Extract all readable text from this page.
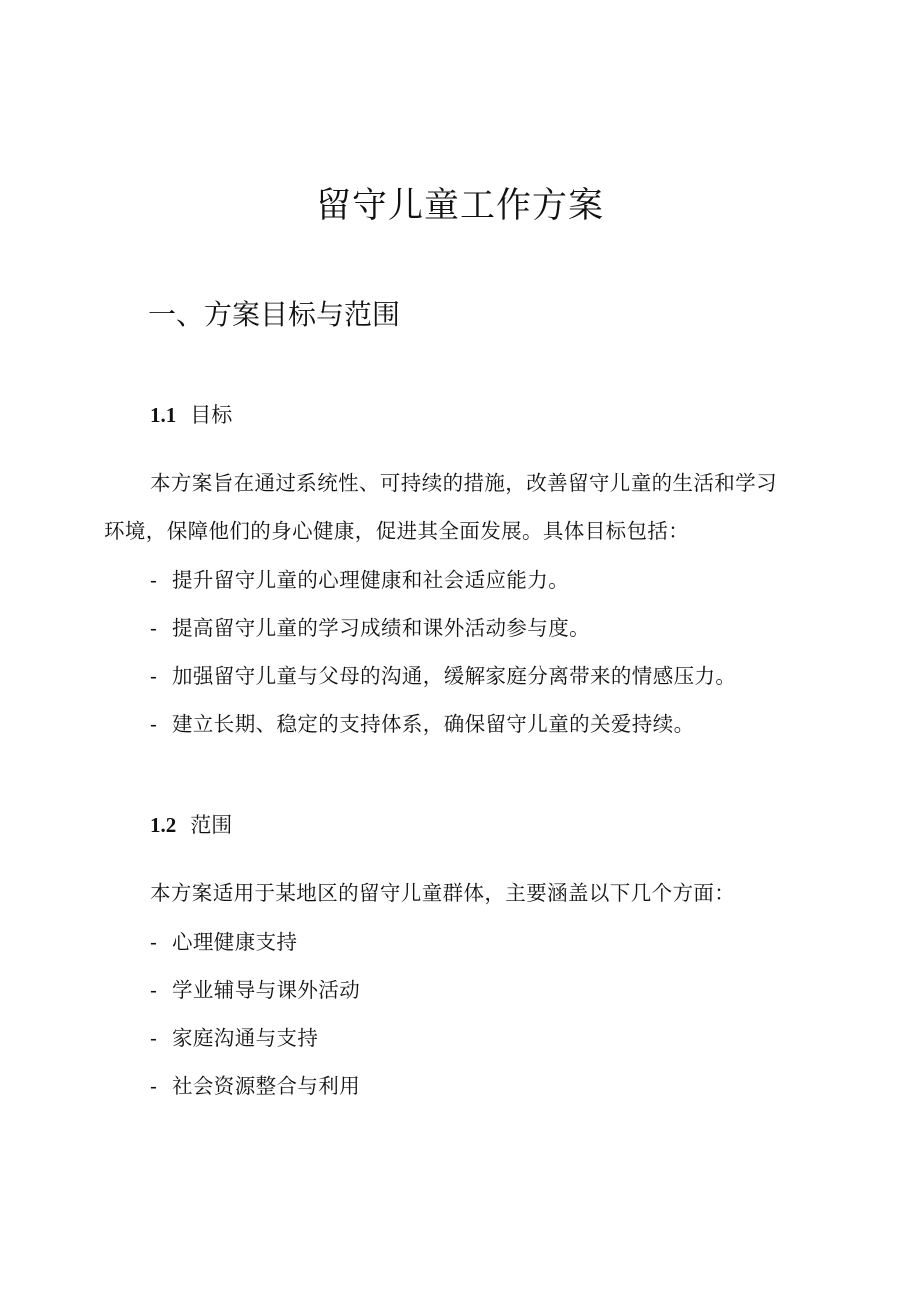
留守儿童工作方案
一、方案目标与范围
1.1 目标
本方案旨在通过系统性、可持续的措施，改善留守儿童的生活和学习
环境，保障他们的身心健康，促进其全面发展。具体目标包括：
- 提升留守儿童的心理健康和社会适应能力。
- 提高留守儿童的学习成绩和课外活动参与度。
- 加强留守儿童与父母的沟通，缓解家庭分离带来的情感压力。
- 建立长期、稳定的支持体系，确保留守儿童的关爱持续。
1.2 范围
本方案适用于某地区的留守儿童群体，主要涵盖以下几个方面：
- 心理健康支持
- 学业辅导与课外活动
- 家庭沟通与支持
- 社会资源整合与利用
